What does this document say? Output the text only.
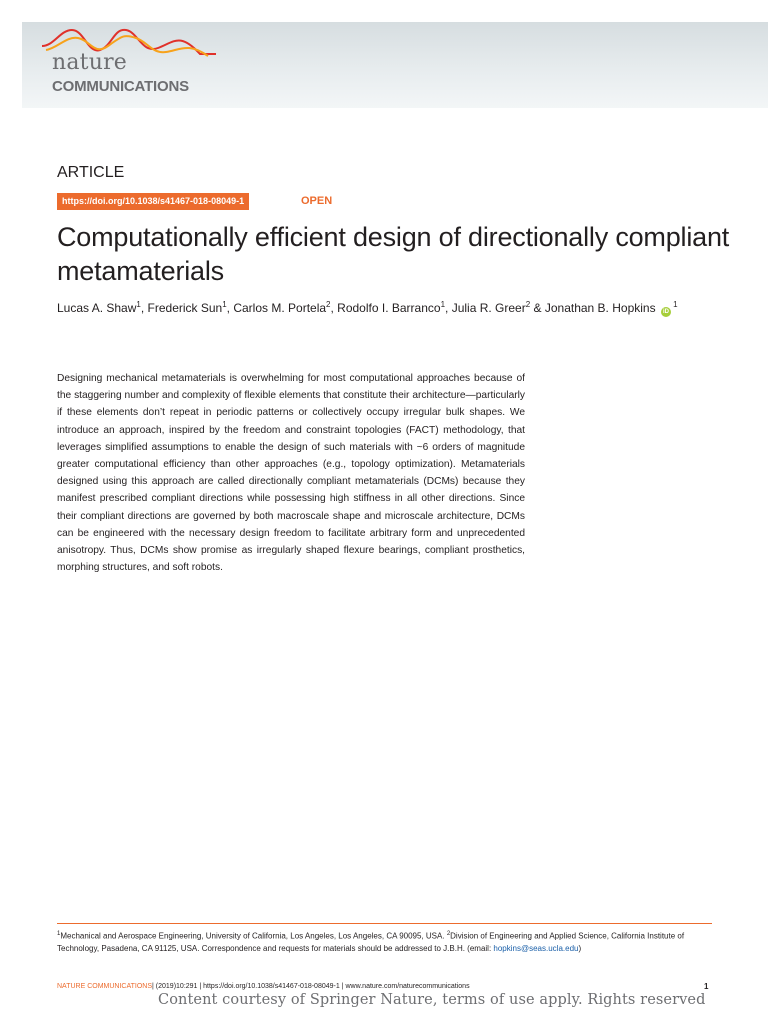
nature
COMMUNICATIONS
ARTICLE
https://doi.org/10.1038/s41467-018-08049-1	OPEN
Computationally efficient design of directionally compliant metamaterials
Lucas A. Shaw$^1$, Frederick Sun$^1$, Carlos M. Portela$^2$, Rodolfo I. Barranco$^1$, Julia R. Greer$^2$ & Jonathan B. Hopkins iD $^1$

Designing mechanical metamaterials is overwhelming for most computational approaches because of the staggering number and complexity of flexible elements that constitute their architecture—particularly if these elements don’t repeat in periodic patterns or collectively occupy irregular bulk shapes. We introduce an approach, inspired by the freedom and constraint topologies (FACT) methodology, that leverages simplified assumptions to enable the design of such materials with ~6 orders of magnitude greater computational efficiency than other approaches (e.g., topology optimization). Metamaterials designed using this approach are called directionally compliant metamaterials (DCMs) because they manifest prescribed compliant directions while possessing high stiffness in all other directions. Since their compliant directions are governed by both macroscale shape and microscale architecture, DCMs can be engineered with the necessary design freedom to facilitate arbitrary form and unprecedented anisotropy. Thus, DCMs show promise as irregularly shaped flexure bearings, compliant prosthetics, morphing structures, and soft robots.

$^1$Mechanical and Aerospace Engineering, University of California, Los Angeles, Los Angeles, CA 90095, USA. $^2$Division of Engineering and Applied Science, California Institute of Technology, Pasadena, CA 91125, USA. Correspondence and requests for materials should be addressed to J.B.H. (email: hopkins@seas.ucla.edu)

NATURE COMMUNICATIONS| (2019)10:291 | https://doi.org/10.1038/s41467-018-08049-1 | www.nature.com/naturecommunications	1
Content courtesy of Springer Nature, terms of use apply. Rights reserved
